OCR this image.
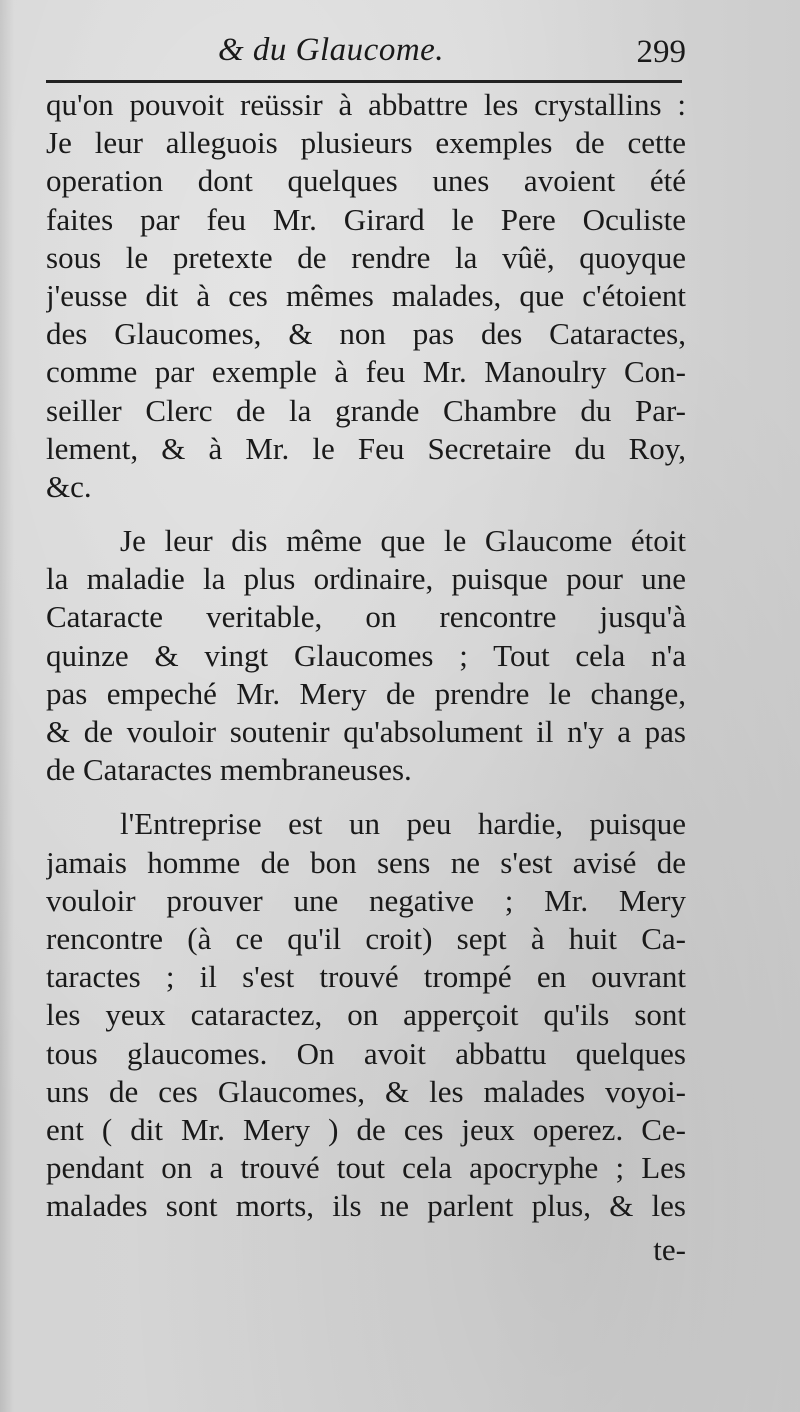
& du Glaucome.	299
qu'on pouvoit reüssir à abbattre les crystallins :
Je leur alleguois plusieurs exemples de cette
operation dont quelques unes avoient été
faites par feu Mr. Girard le Pere Oculiste
sous le pretexte de rendre la vûë, quoyque
j'eusse dit à ces mêmes malades, que c'étoient
des Glaucomes, & non pas des Cataractes,
comme par exemple à feu Mr. Manoulry Con-
seiller Clerc de la grande Chambre du Par-
lement, & à Mr. le Feu Secretaire du Roy,
&c.
Je leur dis même que le Glaucome étoit
la maladie la plus ordinaire, puisque pour une
Cataracte veritable, on rencontre jusqu'à
quinze & vingt Glaucomes ; Tout cela n'a
pas empeché Mr. Mery de prendre le change,
& de vouloir soutenir qu'absolument il n'y a pas
de Cataractes membraneuses.
l'Entreprise est un peu hardie, puisque
jamais homme de bon sens ne s'est avisé de
vouloir prouver une negative ; Mr. Mery
rencontre (à ce qu'il croit) sept à huit Ca-
taractes ; il s'est trouvé trompé en ouvrant
les yeux cataractez, on apperçoit qu'ils sont
tous glaucomes. On avoit abbattu quelques
uns de ces Glaucomes, & les malades voyoi-
ent ( dit Mr. Mery ) de ces jeux operez. Ce-
pendant on a trouvé tout cela apocryphe ; Les
malades sont morts, ils ne parlent plus, & les
te-
